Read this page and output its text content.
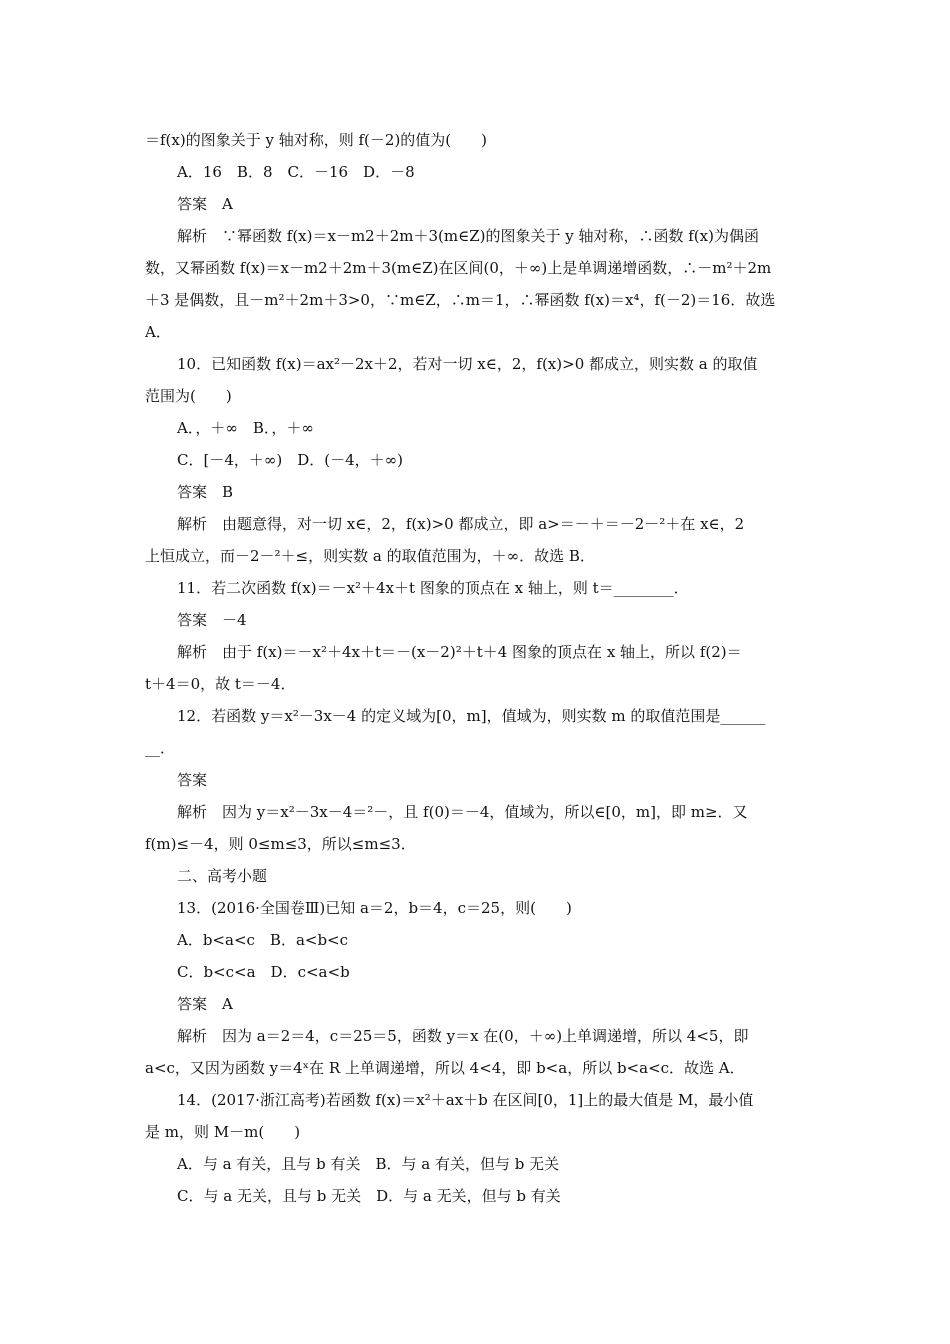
＝f(x)的图象关于 y 轴对称，则 f(－2)的值为(　　)
A．16　B．8　C．－16　D．－8
答案　A
解析　∵幂函数 f(x)＝x－m2＋2m＋3(m∈Z)的图象关于 y 轴对称，∴函数 f(x)为偶函
数，又幂函数 f(x)＝x－m2＋2m＋3(m∈Z)在区间(0，＋∞)上是单调递增函数，∴－m²＋2m
＋3 是偶数，且－m²＋2m＋3>0，∵m∈Z，∴m＝1，∴幂函数 f(x)＝x⁴，f(－2)＝16．故选
A．
10．已知函数 f(x)＝ax²－2x＋2，若对一切 x∈，2，f(x)>0 都成立，则实数 a 的取值
范围为(　　)
A．，＋∞　B．，＋∞
C．[－4，＋∞)　D．(－4，＋∞)
答案　B
解析　由题意得，对一切 x∈，2，f(x)>0 都成立，即 a>＝－＋＝－2－²＋在 x∈，2
上恒成立，而－2－²＋≤，则实数 a 的取值范围为，＋∞．故选 B．
11．若二次函数 f(x)＝－x²＋4x＋t 图象的顶点在 x 轴上，则 t＝________．
答案　－4
解析　由于 f(x)＝－x²＋4x＋t＝－(x－2)²＋t＋4 图象的顶点在 x 轴上，所以 f(2)＝
t＋4＝0，故 t＝－4．
12．若函数 y＝x²－3x－4 的定义域为[0，m]，值域为，则实数 m 的取值范围是______
__．
答案
解析　因为 y＝x²－3x－4＝²－，且 f(0)＝－4，值域为，所以∈[0，m]，即 m≥．又
f(m)≤－4，则 0≤m≤3，所以≤m≤3．
二、高考小题
13．(2016·全国卷Ⅲ)已知 a＝2，b＝4，c＝25，则(　　)
A．b<a<c　B．a<b<c
C．b<c<a　D．c<a<b
答案　A
解析　因为 a＝2＝4，c＝25＝5，函数 y＝x 在(0，＋∞)上单调递增，所以 4<5，即
a<c，又因为函数 y＝4ˣ在 R 上单调递增，所以 4<4，即 b<a，所以 b<a<c．故选 A．
14．(2017·浙江高考)若函数 f(x)＝x²＋ax＋b 在区间[0，1]上的最大值是 M，最小值
是 m，则 M－m(　　)
A．与 a 有关，且与 b 有关　B．与 a 有关，但与 b 无关
C．与 a 无关，且与 b 无关　D．与 a 无关，但与 b 有关
